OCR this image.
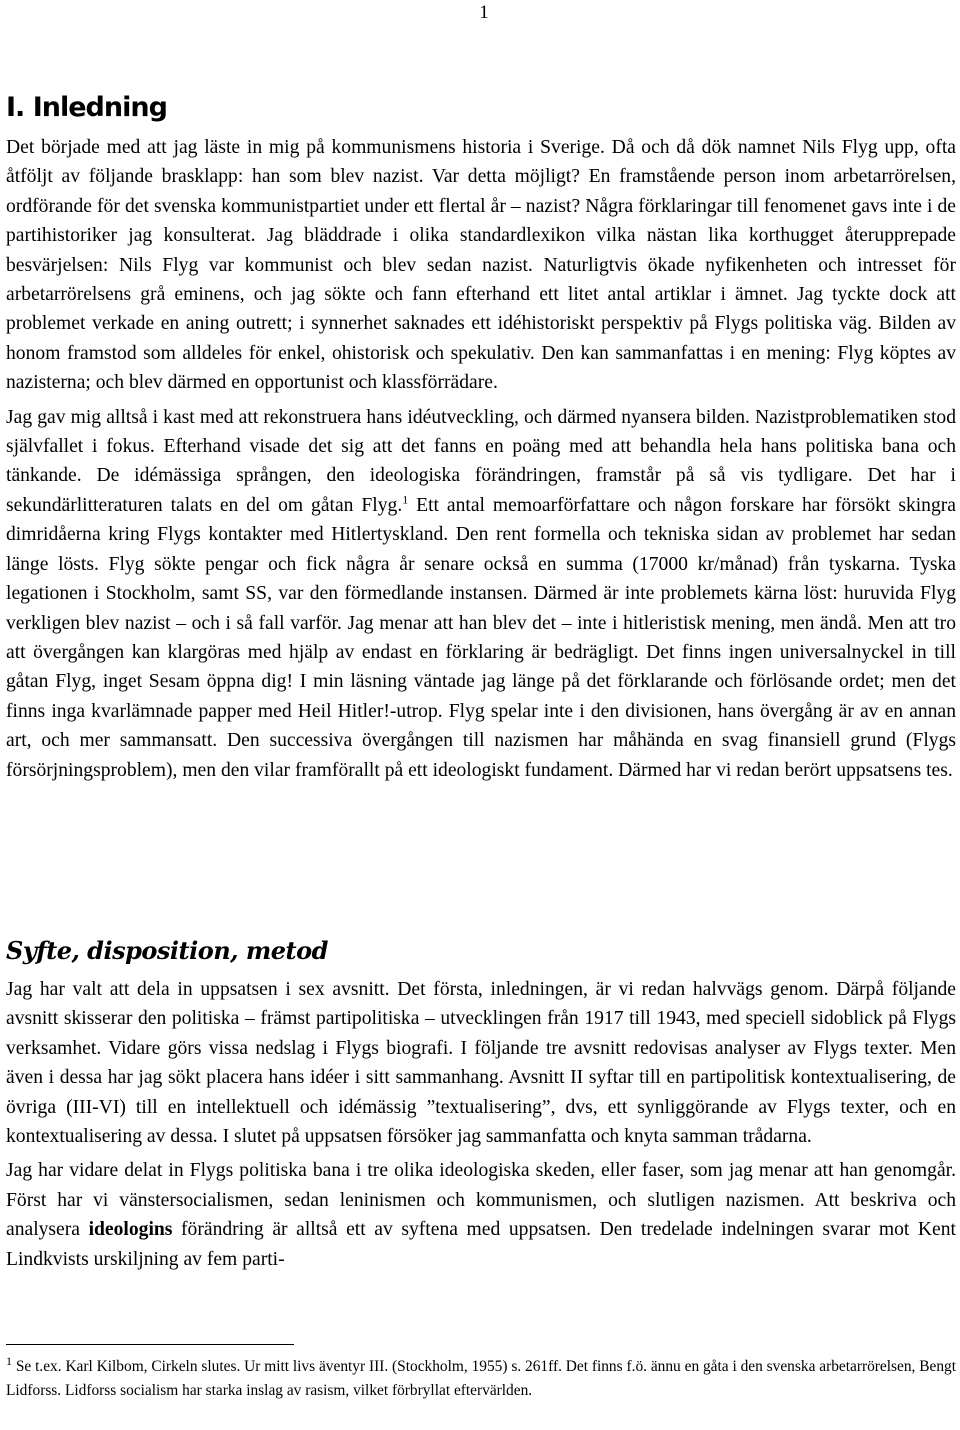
1
I. Inledning

Det började med att jag läste in mig på kommunismens historia i Sverige. Då och då dök namnet Nils Flyg upp, ofta åtföljt av följande brasklapp: han som blev nazist. Var detta möjligt? En framstående person inom arbetarrörelsen, ordförande för det svenska kommunistpartiet under ett flertal år – nazist? Några förklaringar till fenomenet gavs inte i de partihistoriker jag konsulterat. Jag bläddrade i olika standardlexikon vilka nästan lika korthugget återupprepade besvärjelsen: Nils Flyg var kommunist och blev sedan nazist. Naturligtvis ökade nyfikenheten och intresset för arbetarrörelsens grå eminens, och jag sökte och fann efterhand ett litet antal artiklar i ämnet. Jag tyckte dock att problemet verkade en aning outrett; i synnerhet saknades ett idéhistoriskt perspektiv på Flygs politiska väg. Bilden av honom framstod som alldeles för enkel, ohistorisk och spekulativ. Den kan sammanfattas i en mening: Flyg köptes av nazisterna; och blev därmed en opportunist och klassförrädare.

Jag gav mig alltså i kast med att rekonstruera hans idéutveckling, och därmed nyansera bilden. Nazistproblematiken stod självfallet i fokus. Efterhand visade det sig att det fanns en poäng med att behandla hela hans politiska bana och tänkande. De idémässiga sprången, den ideologiska förändringen, framstår på så vis tydligare. Det har i sekundärlitteraturen talats en del om gåtan Flyg.$^1$ Ett antal memoarförfattare och någon forskare har försökt skingra dimridåerna kring Flygs kontakter med Hitlertyskland. Den rent formella och tekniska sidan av problemet har sedan länge lösts. Flyg sökte pengar och fick några år senare också en summa (17000 kr/månad) från tyskarna. Tyska legationen i Stockholm, samt SS, var den förmedlande instansen. Därmed är inte problemets kärna löst: huruvida Flyg verkligen blev nazist – och i så fall varför. Jag menar att han blev det – inte i hitleristisk mening, men ändå. Men att tro att övergången kan klargöras med hjälp av endast en förklaring är bedrägligt. Det finns ingen universalnyckel in till gåtan Flyg, inget Sesam öppna dig! I min läsning väntade jag länge på det förklarande och förlösande ordet; men det finns inga kvarlämnade papper med Heil Hitler!-utrop. Flyg spelar inte i den divisionen, hans övergång är av en annan art, och mer sammansatt. Den successiva övergången till nazismen har måhända en svag finansiell grund (Flygs försörjningsproblem), men den vilar framförallt på ett ideologiskt fundament. Därmed har vi redan berört uppsatsens tes.

Syfte, disposition, metod

Jag har valt att dela in uppsatsen i sex avsnitt. Det första, inledningen, är vi redan halvvägs genom. Därpå följande avsnitt skisserar den politiska – främst partipolitiska – utvecklingen från 1917 till 1943, med speciell sidoblick på Flygs verksamhet. Vidare görs vissa nedslag i Flygs biografi. I följande tre avsnitt redovisas analyser av Flygs texter. Men även i dessa har jag sökt placera hans idéer i sitt sammanhang. Avsnitt II syftar till en partipolitisk kontextualisering, de övriga (III-VI) till en intellektuell och idémässig ”textualisering”, dvs, ett synliggörande av Flygs texter, och en kontextualisering av dessa. I slutet på uppsatsen försöker jag sammanfatta och knyta samman trådarna.

Jag har vidare delat in Flygs politiska bana i tre olika ideologiska skeden, eller faser, som jag menar att han genomgår. Först har vi vänstersocialismen, sedan leninismen och kommunismen, och slutligen nazismen. Att beskriva och analysera ideologins förändring är alltså ett av syftena med uppsatsen. Den tredelade indelningen svarar mot Kent Lindkvists urskiljning av fem parti-

$^1$ Se t.ex. Karl Kilbom, Cirkeln slutes. Ur mitt livs äventyr III. (Stockholm, 1955) s. 261ff. Det finns f.ö. ännu en gåta i den svenska arbetarrörelsen, Bengt Lidforss. Lidforss socialism har starka inslag av rasism, vilket förbryllat eftervärlden.
